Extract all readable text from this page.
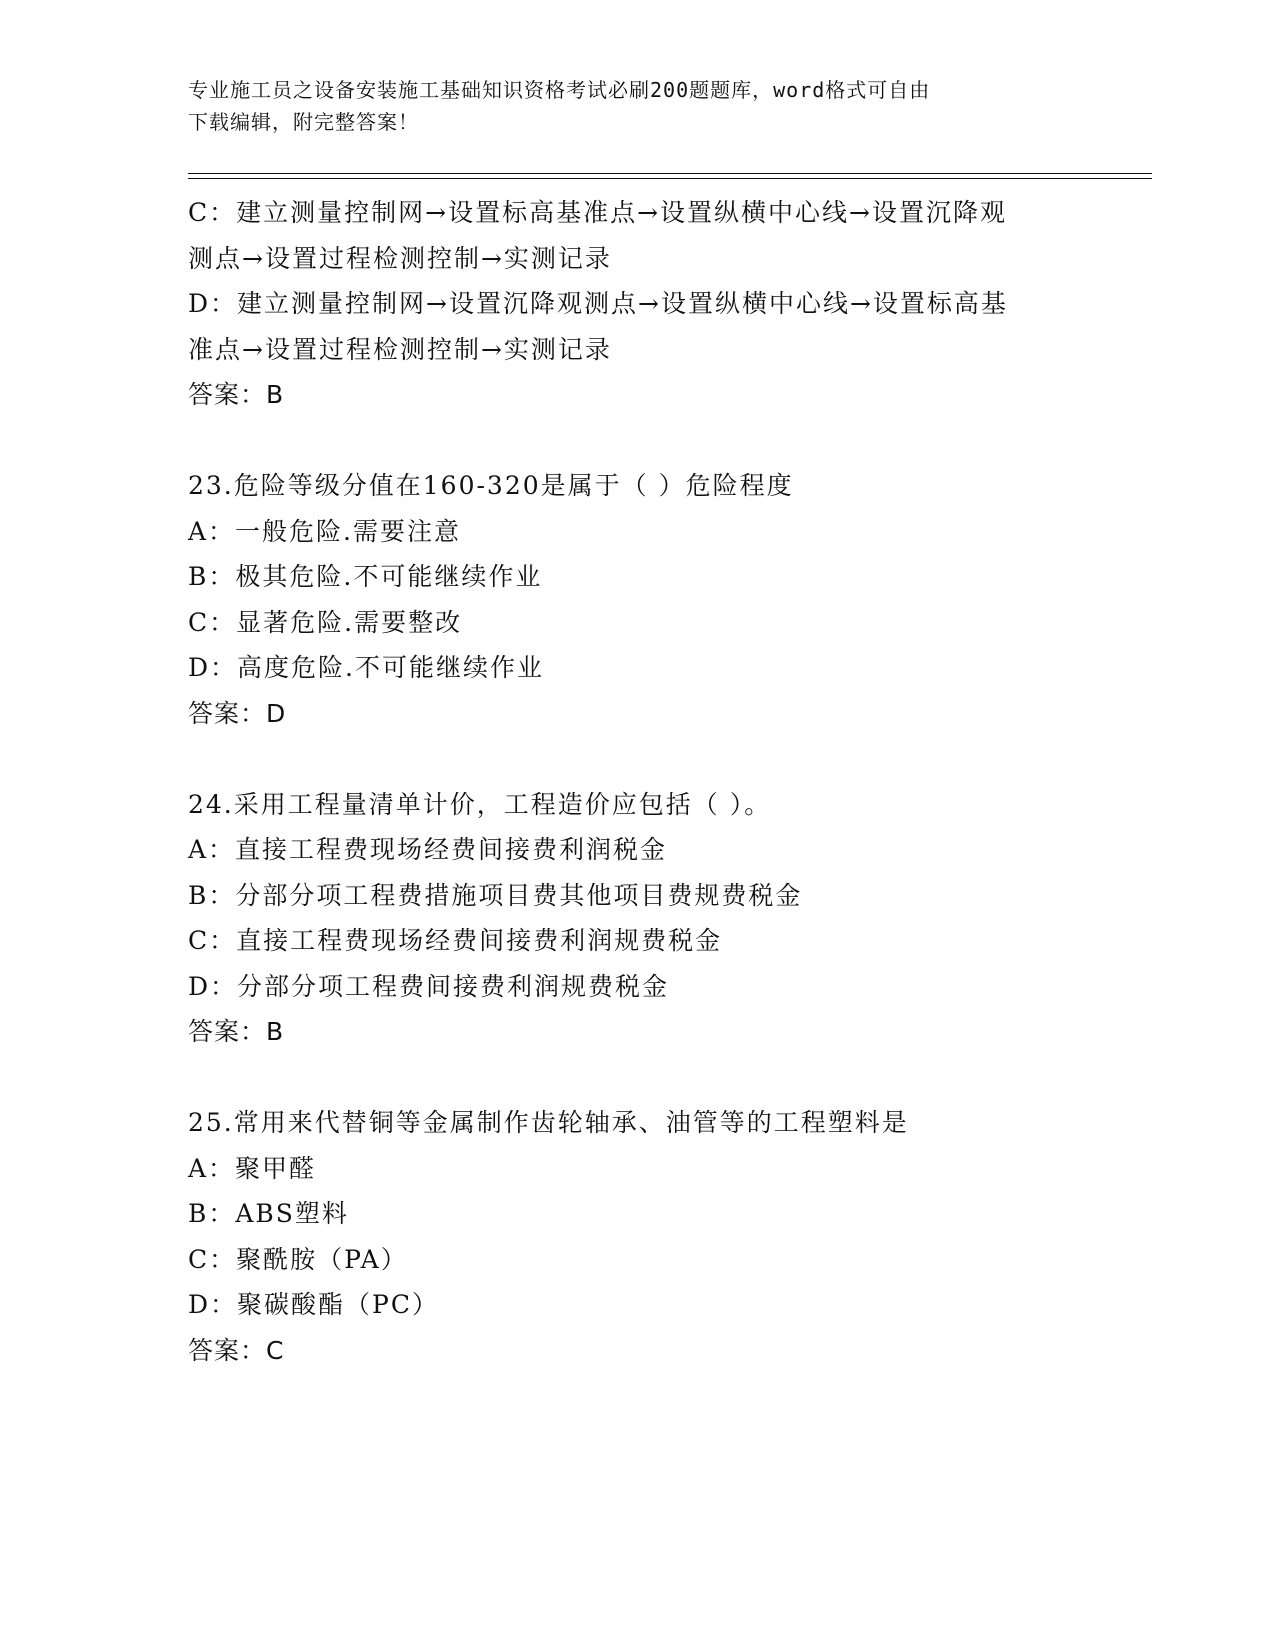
专业施工员之设备安装施工基础知识资格考试必刷200题题库，word格式可自由
下载编辑，附完整答案！

C：建立测量控制网→设置标高基准点→设置纵横中心线→设置沉降观

测点→设置过程检测控制→实测记录

D：建立测量控制网→设置沉降观测点→设置纵横中心线→设置标高基

准点→设置过程检测控制→实测记录

答案：B

23.危险等级分值在160-320是属于（ ）危险程度

A：一般危险.需要注意

B：极其危险.不可能继续作业

C：显著危险.需要整改

D：高度危险.不可能继续作业

答案：D

24.采用工程量清单计价，工程造价应包括（ ）。

A：直接工程费现场经费间接费利润税金

B：分部分项工程费措施项目费其他项目费规费税金

C：直接工程费现场经费间接费利润规费税金

D：分部分项工程费间接费利润规费税金

答案：B

25.常用来代替铜等金属制作齿轮轴承、油管等的工程塑料是

A：聚甲醛

B：ABS塑料

C：聚酰胺（PA）

D：聚碳酸酯（PC）

答案：C
